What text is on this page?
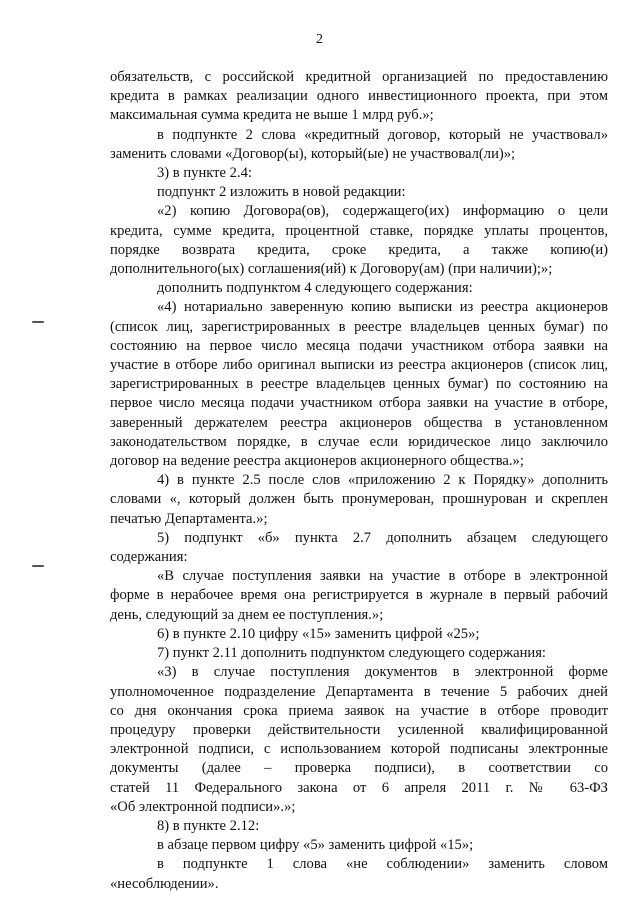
2

обязательств, с российской кредитной организацией по предоставлению

кредита в рамках реализации одного инвестиционного проекта, при этом

максимальная сумма кредита не выше 1 млрд руб.»;

в подпункте 2 слова «кредитный договор, который не участвовал»

заменить словами «Договор(ы), который(ые) не участвовал(ли)»;

3) в пункте 2.4:

подпункт 2 изложить в новой редакции:

«2) копию Договора(ов), содержащего(их) информацию о цели

кредита, сумме кредита, процентной ставке, порядке уплаты процентов,

порядке возврата кредита, сроке кредита, а также копию(и)

дополнительного(ых) соглашения(ий) к Договору(ам) (при наличии);»;

дополнить подпунктом 4 следующего содержания:

«4) нотариально заверенную копию выписки из реестра акционеров

(список лиц, зарегистрированных в реестре владельцев ценных бумаг) по

состоянию на первое число месяца подачи участником отбора заявки на

участие в отборе либо оригинал выписки из реестра акционеров (список лиц,

зарегистрированных в реестре владельцев ценных бумаг) по состоянию на

первое число месяца подачи участником отбора заявки на участие в отборе,

заверенный держателем реестра акционеров общества в установленном

законодательством порядке, в случае если юридическое лицо заключило

договор на ведение реестра акционеров акционерного общества.»;

4) в пункте 2.5 после слов «приложению 2 к Порядку» дополнить

словами «, который должен быть пронумерован, прошнурован и скреплен

печатью Департамента.»;

5) подпункт «б» пункта 2.7 дополнить абзацем следующего

содержания:

«В случае поступления заявки на участие в отборе в электронной

форме в нерабочее время она регистрируется в журнале в первый рабочий

день, следующий за днем ее поступления.»;

6) в пункте 2.10 цифру «15» заменить цифрой «25»;

7) пункт 2.11 дополнить подпунктом следующего содержания:

«3) в случае поступления документов в электронной форме

уполномоченное подразделение Департамента в течение 5 рабочих дней

со дня окончания срока приема заявок на участие в отборе проводит

процедуру проверки действительности усиленной квалифицированной

электронной подписи, с использованием которой подписаны электронные

документы (далее – проверка подписи), в соответствии со

статей 11 Федерального закона от 6 апреля 2011 г. № 63-ФЗ

«Об электронной подписи».»;

8) в пункте 2.12:

в абзаце первом цифру «5» заменить цифрой «15»;

в подпункте 1 слова «не соблюдении» заменить словом

«несоблюдении».
